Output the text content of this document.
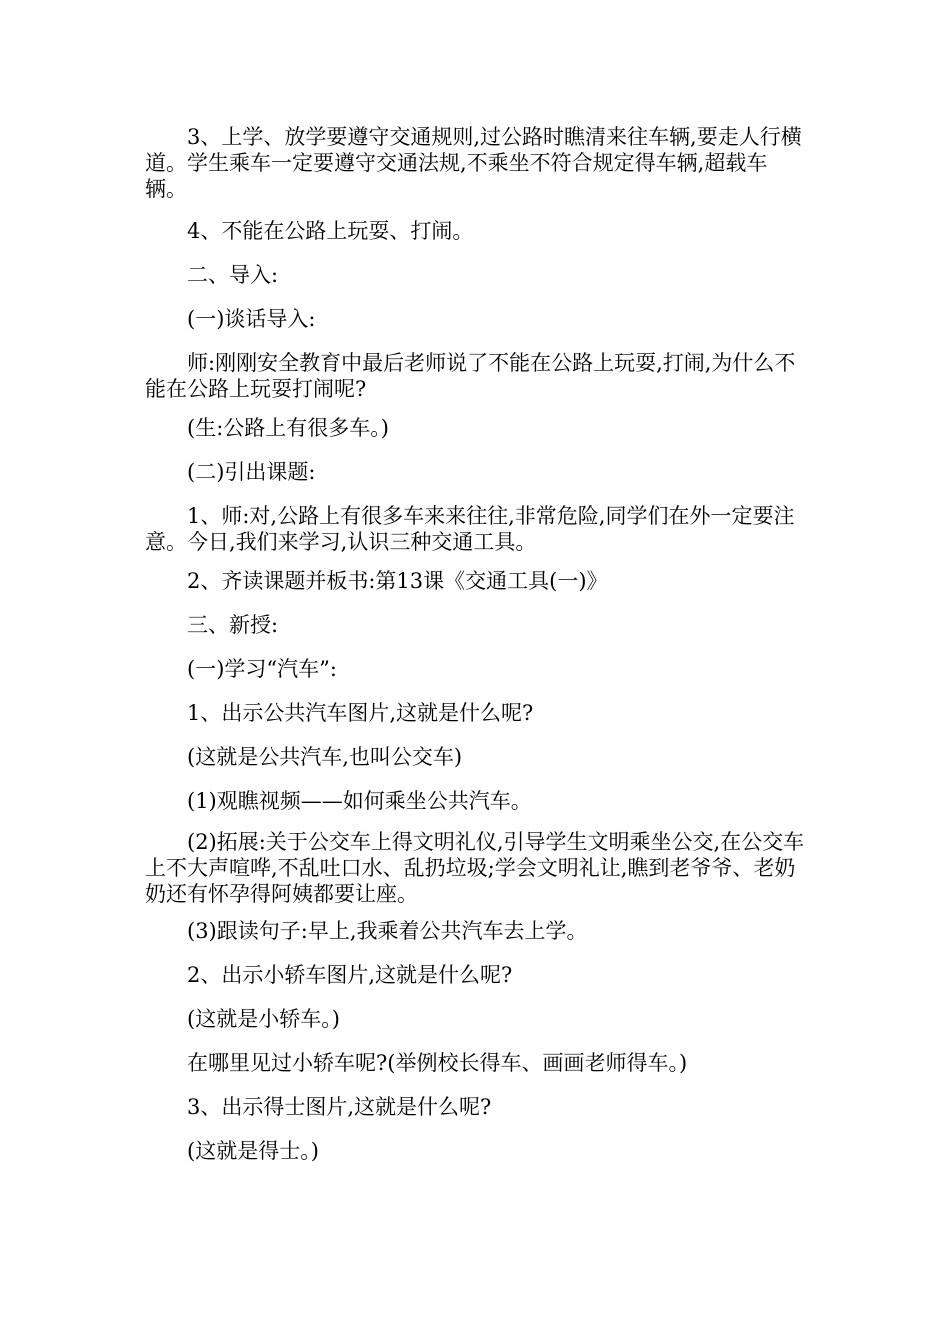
3、上学、放学要遵守交通规则,过公路时瞧清来往车辆,要走人行横道。学生乘车一定要遵守交通法规,不乘坐不符合规定得车辆,超载车辆。

4、不能在公路上玩耍、打闹。

二、导入:

(一)谈话导入:

师:刚刚安全教育中最后老师说了不能在公路上玩耍,打闹,为什么不能在公路上玩耍打闹呢?

(生:公路上有很多车。)

(二)引出课题:

1、师:对,公路上有很多车来来往往,非常危险,同学们在外一定要注意。今日,我们来学习,认识三种交通工具。

2、齐读课题并板书:第13课《交通工具(一)》

三、新授:

(一)学习“汽车”:

1、出示公共汽车图片,这就是什么呢?

(这就是公共汽车,也叫公交车)

(1)观瞧视频——如何乘坐公共汽车。

(2)拓展:关于公交车上得文明礼仪,引导学生文明乘坐公交,在公交车上不大声喧哗,不乱吐口水、乱扔垃圾;学会文明礼让,瞧到老爷爷、老奶奶还有怀孕得阿姨都要让座。

(3)跟读句子:早上,我乘着公共汽车去上学。

2、出示小轿车图片,这就是什么呢?

(这就是小轿车。)

在哪里见过小轿车呢?(举例校长得车、画画老师得车。)

3、出示得士图片,这就是什么呢?

(这就是得士。)
